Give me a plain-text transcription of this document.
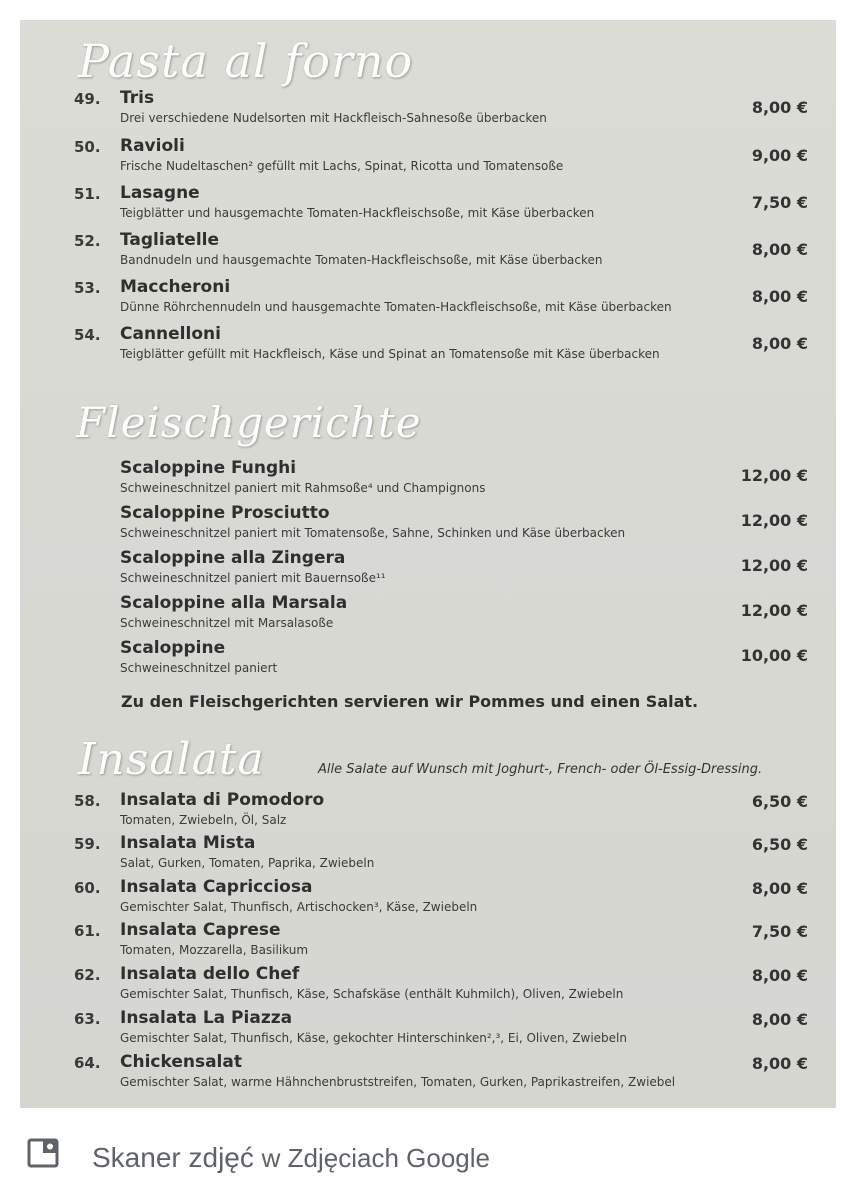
Pasta al forno
49. Tris
Drei verschiedene Nudelsorten mit Hackfleisch-Sahnesoße überbacken
8,00 €
50. Ravioli
Frische Nudeltaschen² gefüllt mit Lachs, Spinat, Ricotta und Tomatensoße
9,00 €
51. Lasagne
Teigblätter und hausgemachte Tomaten-Hackfleischsoße, mit Käse überbacken
7,50 €
52. Tagliatelle
Bandnudeln und hausgemachte Tomaten-Hackfleischsoße, mit Käse überbacken
8,00 €
53. Maccheroni
Dünne Röhrchennudeln und hausgemachte Tomaten-Hackfleischsoße, mit Käse überbacken
8,00 €
54. Cannelloni
Teigblätter gefüllt mit Hackfleisch, Käse und Spinat an Tomatensoße mit Käse überbacken
8,00 €
Fleischgerichte
Scaloppine Funghi
Schweineschnitzel paniert mit Rahmsoße⁴ und Champignons
12,00 €
Scaloppine Prosciutto
Schweineschnitzel paniert mit Tomatensoße, Sahne, Schinken und Käse überbacken
12,00 €
Scaloppine alla Zingera
Schweineschnitzel paniert mit Bauernsoße¹¹
12,00 €
Scaloppine alla Marsala
Schweineschnitzel mit Marsalasoße
12,00 €
Scaloppine
Schweineschnitzel paniert
10,00 €
Zu den Fleischgerichten servieren wir Pommes und einen Salat.
Insalata	Alle Salate auf Wunsch mit Joghurt-, French- oder Öl-Essig-Dressing.
58. Insalata di Pomodoro
Tomaten, Zwiebeln, Öl, Salz
6,50 €
59. Insalata Mista
Salat, Gurken, Tomaten, Paprika, Zwiebeln
6,50 €
60. Insalata Capricciosa
Gemischter Salat, Thunfisch, Artischocken³, Käse, Zwiebeln
8,00 €
61. Insalata Caprese
Tomaten, Mozzarella, Basilikum
7,50 €
62. Insalata dello Chef
Gemischter Salat, Thunfisch, Käse, Schafskäse (enthält Kuhmilch), Oliven, Zwiebeln
8,00 €
63. Insalata La Piazza
Gemischter Salat, Thunfisch, Käse, gekochter Hinterschinken²,³, Ei, Oliven, Zwiebeln
8,00 €
64. Chickensalat
Gemischter Salat, warme Hähnchenbruststreifen, Tomaten, Gurken, Paprikastreifen, Zwiebel
8,00 €
Skaner zdjęć w Zdjęciach Google
